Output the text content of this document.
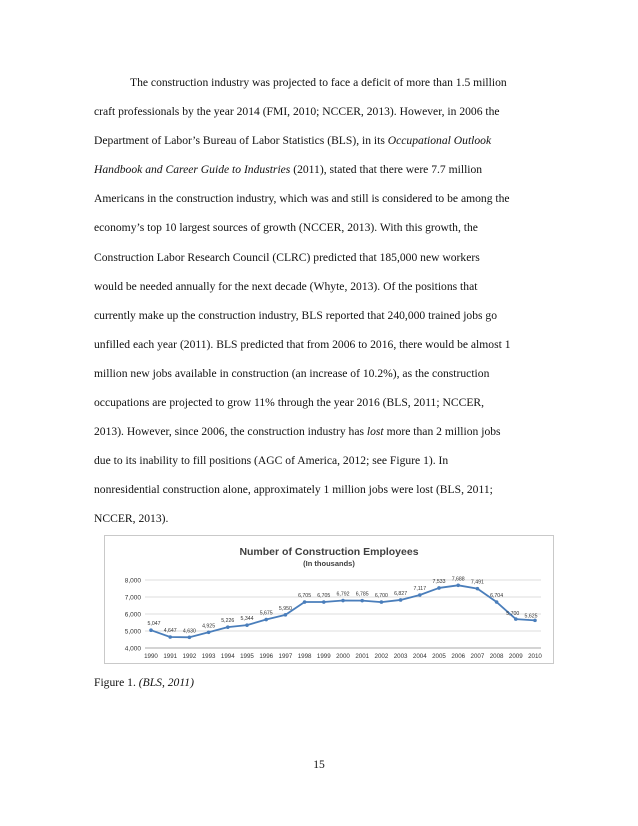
The construction industry was projected to face a deficit of more than 1.5 million
craft professionals by the year 2014 (FMI, 2010; NCCER, 2013). However, in 2006 the
Department of Labor’s Bureau of Labor Statistics (BLS), in its Occupational Outlook
Handbook and Career Guide to Industries (2011), stated that there were 7.7 million
Americans in the construction industry, which was and still is considered to be among the
economy’s top 10 largest sources of growth (NCCER, 2013). With this growth, the
Construction Labor Research Council (CLRC) predicted that 185,000 new workers
would be needed annually for the next decade (Whyte, 2013). Of the positions that
currently make up the construction industry, BLS reported that 240,000 trained jobs go
unfilled each year (2011). BLS predicted that from 2006 to 2016, there would be almost 1
million new jobs available in construction (an increase of 10.2%), as the construction
occupations are projected to grow 11% through the year 2016 (BLS, 2011; NCCER,
2013). However, since 2006, the construction industry has lost more than 2 million jobs
due to its inability to fill positions (AGC of America, 2012; see Figure 1). In
nonresidential construction alone, approximately 1 million jobs were lost (BLS, 2011;
NCCER, 2013).
Number of Construction Employees
(In thousands)
4,000
5,000
6,000
7,000
8,000
1990 1991 1992 1993 1994 1995 1996 1997 1998 1999 2000 2001 2002 2003 2004 2005 2006 2007 2008 2009 2010
5,047
4,647 4,630
4,925
5,226 5,344
5,675
5,950
6,705 6,705 6,792 6,785 6,700 6,827
7,117
7,533 7,688
7,491
6,704
5,700 5,625

Figure 1. (BLS, 2011)

15
